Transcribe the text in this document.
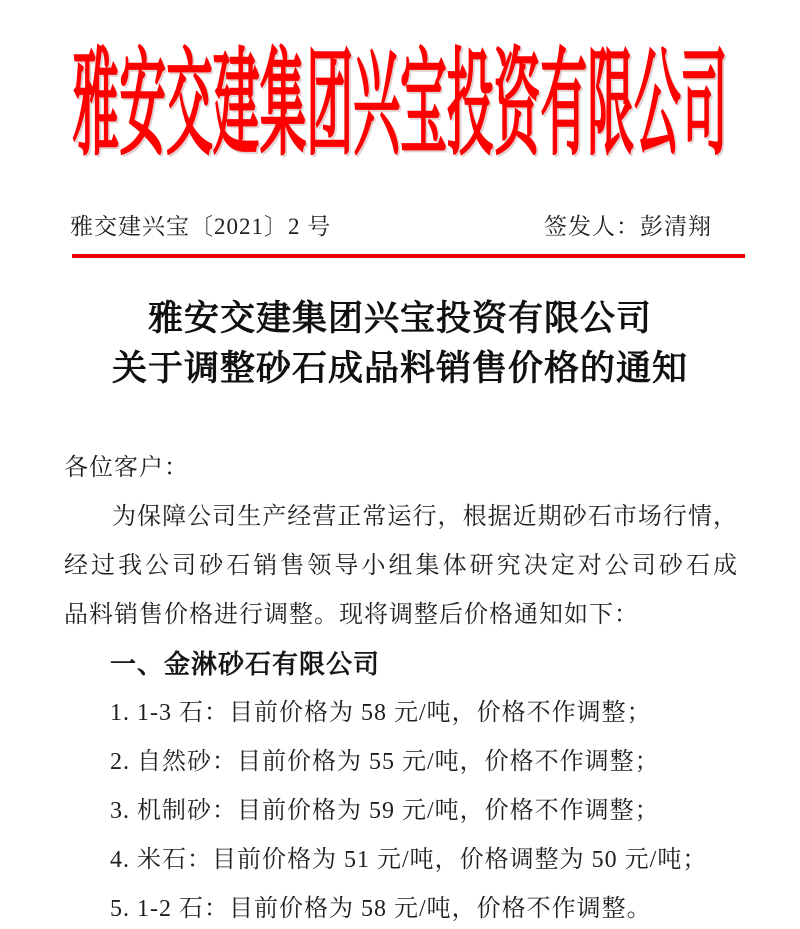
雅安交建集团兴宝投资有限公司
雅交建兴宝〔2021〕2 号	签发人：彭清翔
雅安交建集团兴宝投资有限公司
关于调整砂石成品料销售价格的通知
各位客户：
为保障公司生产经营正常运行，根据近期砂石市场行情，
经过我公司砂石销售领导小组集体研究决定对公司砂石成
品料销售价格进行调整。现将调整后价格通知如下：
一、金淋砂石有限公司
1. 1-3 石：目前价格为 58 元/吨，价格不作调整；
2. 自然砂：目前价格为 55 元/吨，价格不作调整；
3. 机制砂：目前价格为 59 元/吨，价格不作调整；
4. 米石：目前价格为 51 元/吨，价格调整为 50 元/吨；
5. 1-2 石：目前价格为 58 元/吨，价格不作调整。
